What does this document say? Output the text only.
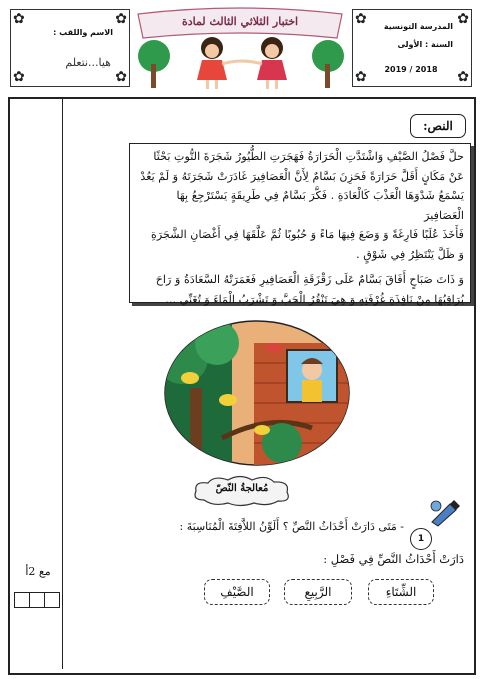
✿	✿
✿	✿
الاسم واللقب :
هيا...نتعلم
اختبار الثلاثي الثالث لمادة	✿	✿
✿	✿
المدرسة التونسية
السنة : الأولى
2019 / 2018
مع 2أ
النص:
حلَّ فَصْلُ الصَّيْفِ وَاشْتَدَّتِ الْحَرَارَةُ فَهَجَرَتِ الطُّيُورُ شَجَرَةَ التُّوتِ بَحْثًا
عَنْ مَكَانٍ أَقَلَّ حَرَارَةً فَحَزِنَ بَسَّامٌ لِأَنَّ الْعَصَافِيرَ غَادَرَتْ شَجَرَتَهُ وَ لَمْ يَعُدْ
يَسْمَعُ شَدْوَهَا الْعَذْبَ كَالْعَادَةِ . فَكَّرَ بَسَّامٌ فِي طَرِيقَةٍ يَسْتَرْجِعُ بِهَا الْعَصَافِيرَ
فَأَخَذَ عُلَبًا فَارِغَةً وَ وَضَعَ فِيهَا مَاءً وَ حُبُوبًا ثُمَّ عَلَّقَهَا فِي أَغْصَانِ الشَّجَرَةِ
وَ ظَلَّ يَنْتَظِرُ فِي شَوْقٍ .
وَ ذَاتَ صَبَاحٍ أَفَاقَ بَسَّامٌ عَلَى زَقْزَقَةِ الْعَصَافِيرِ فَغَمَرَتْهُ السَّعَادَةُ وَ رَاحَ
يُرَاقِبُهَا مِنْ نَافِذَةِ غُرْفَتِهِ وَ هِيَ تَنْقُرُ الْحَبَّ وَ تَشْرَبُ الْمَاءَ وَ تُغَنِّي ...
مُعالجةُ النّصّ
1
- مَتَى دَارَتْ أَحْدَاثُ النَّصِّ ؟ أَلَوِّنُ اللاَّفِتَةَ الْمُنَاسِبَةَ :
دَارَتْ أَحْدَاثُ النَّصِّ فِي فَصْلِ :
الصَّيْفِ	الرَّبِيعِ	الشِّتَاءِ
